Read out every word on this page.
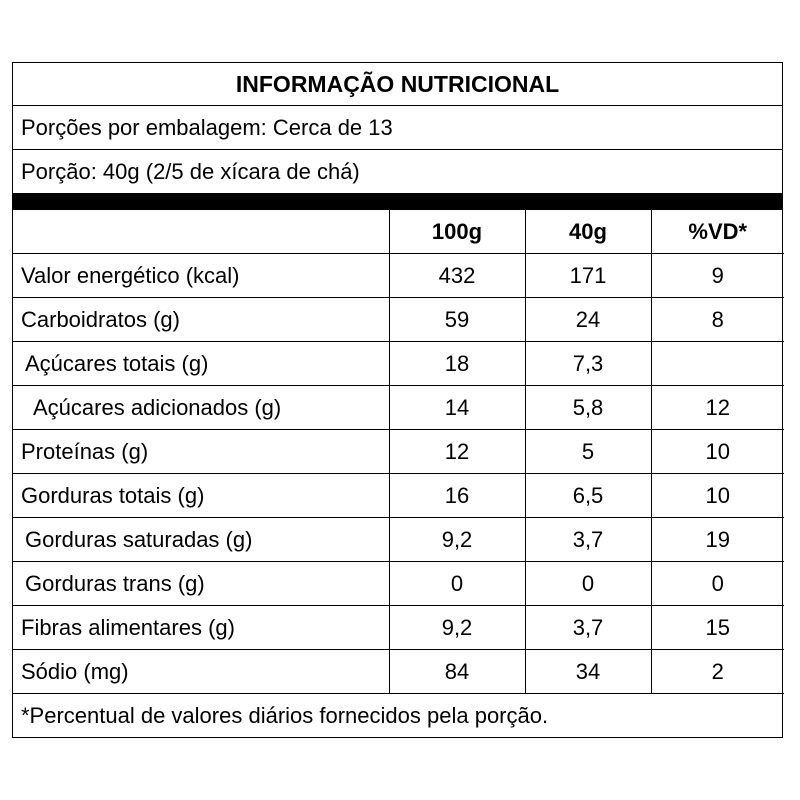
INFORMAÇÃO NUTRICIONAL
Porções por embalagem: Cerca de 13
Porção: 40g (2/5 de xícara de chá)
	100g	40g	%VD*
Valor energético (kcal)	432	171	9
Carboidratos (g)	59	24	8
Açúcares totais (g)	18	7,3	
Açúcares adicionados (g)	14	5,8	12
Proteínas (g)	12	5	10
Gorduras totais (g)	16	6,5	10
Gorduras saturadas (g)	9,2	3,7	19
Gorduras trans (g)	0	0	0
Fibras alimentares (g)	9,2	3,7	15
Sódio (mg)	84	34	2
*Percentual de valores diários fornecidos pela porção.
